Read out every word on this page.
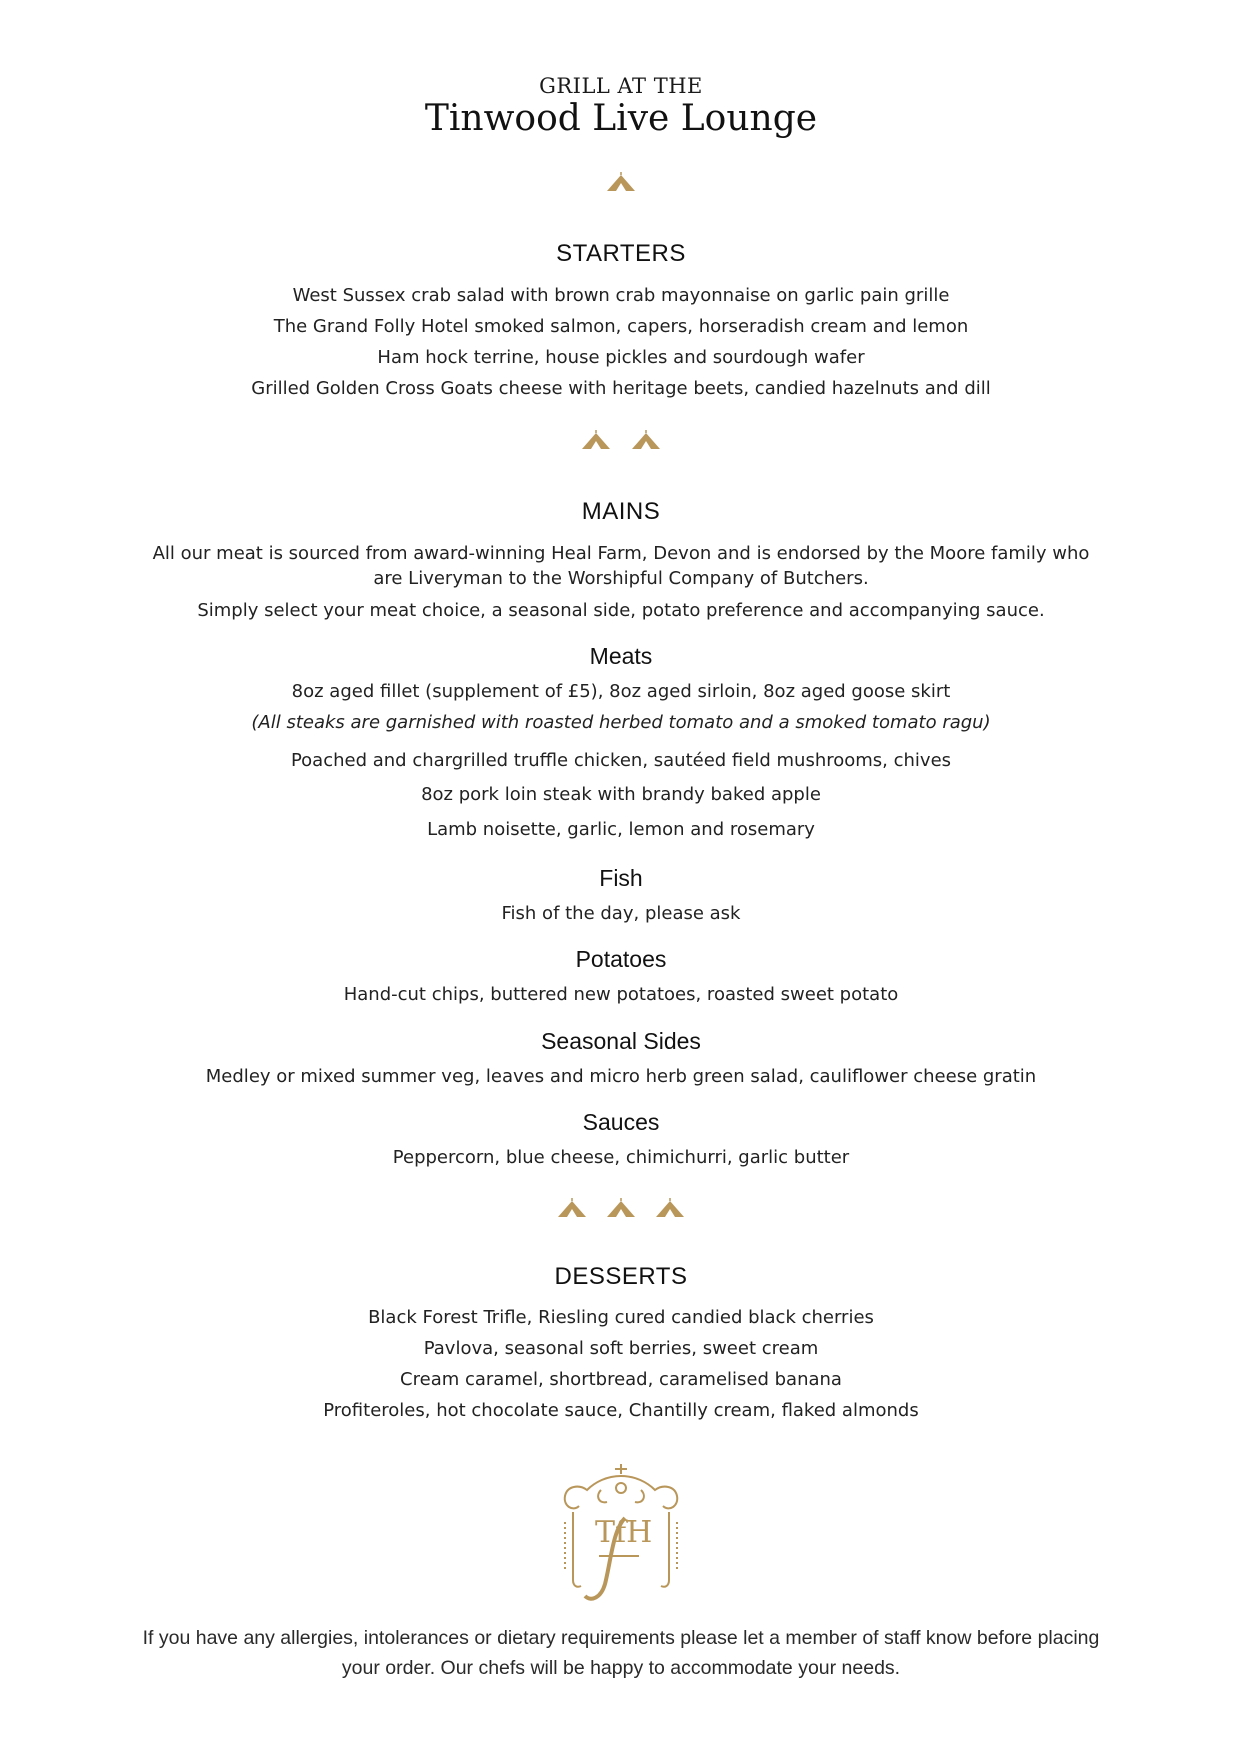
GRILL AT THE
Tinwood Live Lounge
STARTERS
West Sussex crab salad with brown crab mayonnaise on garlic pain grille
The Grand Folly Hotel smoked salmon, capers, horseradish cream and lemon
Ham hock terrine, house pickles and sourdough wafer
Grilled Golden Cross Goats cheese with heritage beets, candied hazelnuts and dill

MAINS
All our meat is sourced from award-winning Heal Farm, Devon and is endorsed by the Moore family who are Liveryman to the Worshipful Company of Butchers.
Simply select your meat choice, a seasonal side, potato preference and accompanying sauce.
Meats
8oz aged fillet (supplement of £5), 8oz aged sirloin, 8oz aged goose skirt
(All steaks are garnished with roasted herbed tomato and a smoked tomato ragu)
Poached and chargrilled truffle chicken, sautéed field mushrooms, chives
8oz pork loin steak with brandy baked apple
Lamb noisette, garlic, lemon and rosemary
Fish
Fish of the day, please ask
Potatoes
Hand-cut chips, buttered new potatoes, roasted sweet potato
Seasonal Sides
Medley or mixed summer veg, leaves and micro herb green salad, cauliflower cheese gratin
Sauces
Peppercorn, blue cheese, chimichurri, garlic butter

DESSERTS
Black Forest Trifle, Riesling cured candied black cherries
Pavlova, seasonal soft berries, sweet cream
Cream caramel, shortbread, caramelised banana
Profiteroles, hot chocolate sauce, Chantilly cream, flaked almonds
TfH
If you have any allergies, intolerances or dietary requirements please let a member of staff know before placing your order. Our chefs will be happy to accommodate your needs.
